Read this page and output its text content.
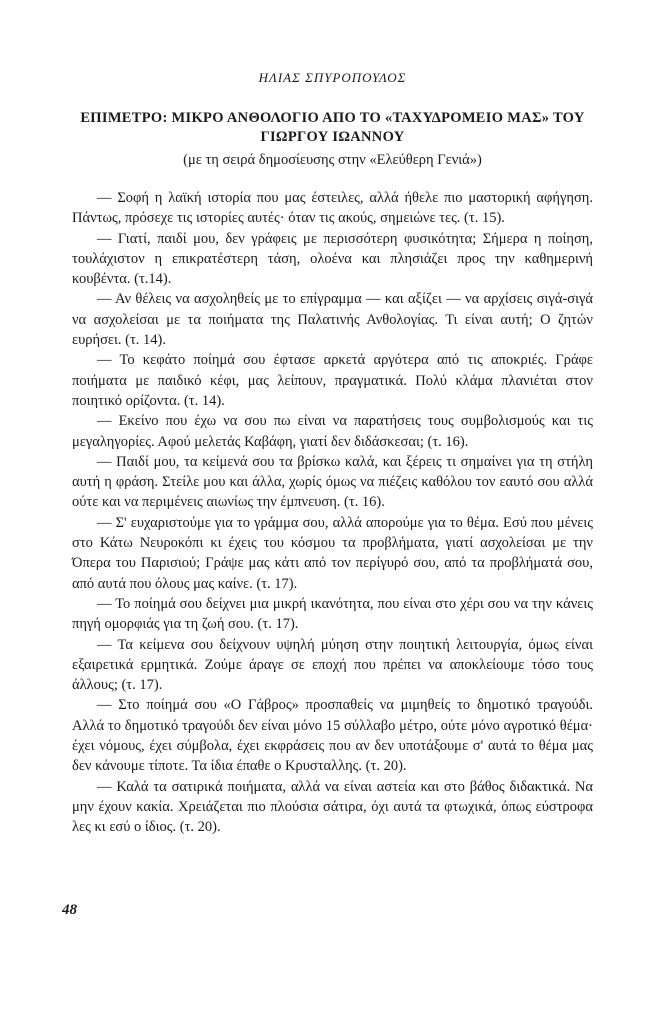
ΗΛΙΑΣ ΣΠΥΡΟΠΟΥΛΟΣ
ΕΠΙΜΕΤΡΟ: ΜΙΚΡΟ ΑΝΘΟΛΟΓΙΟ ΑΠΟ ΤΟ «ΤΑΧΥΔΡΟΜΕΙΟ ΜΑΣ» ΤΟΥ ΓΙΩΡΓΟΥ ΙΩΑΝΝΟΥ
(με τη σειρά δημοσίευσης στην «Ελεύθερη Γενιά»)

— Σοφή η λαϊκή ιστορία που μας έστειλες, αλλά ήθελε πιο μαστορική αφήγηση. Πάντως, πρόσεχε τις ιστορίες αυτές· όταν τις ακούς, σημειώνε τες. (τ. 15).

— Γιατί, παιδί μου, δεν γράφεις με περισσότερη φυσικότητα; Σήμερα η ποίηση, τουλάχιστον η επικρατέστερη τάση, ολοένα και πλησιάζει προς την καθημερινή κουβέντα. (τ.14).

— Αν θέλεις να ασχοληθείς με το επίγραμμα — και αξίζει — να αρχίσεις σιγά-σιγά να ασχολείσαι με τα ποιήματα της Παλατινής Ανθολογίας. Τι είναι αυτή; Ο ζητών ευρήσει. (τ. 14).

— Το κεφάτο ποίημά σου έφτασε αρκετά αργότερα από τις αποκριές. Γράφε ποιήματα με παιδικό κέφι, μας λείπουν, πραγματικά. Πολύ κλάμα πλανιέται στον ποιητικό ορίζοντα. (τ. 14).

— Εκείνο που έχω να σου πω είναι να παρατήσεις τους συμβολισμούς και τις μεγαληγορίες. Αφού μελετάς Καβάφη, γιατί δεν διδάσκεσαι; (τ. 16).

— Παιδί μου, τα κείμενά σου τα βρίσκω καλά, και ξέρεις τι σημαίνει για τη στήλη αυτή η φράση. Στείλε μου και άλλα, χωρίς όμως να πιέζεις καθόλου τον εαυτό σου αλλά ούτε και να περιμένεις αιωνίως την έμπνευση. (τ. 16).

— Σ' ευχαριστούμε για το γράμμα σου, αλλά απορούμε για το θέμα. Εσύ που μένεις στο Κάτω Νευροκόπι κι έχεις του κόσμου τα προβλήματα, γιατί ασχολείσαι με την Όπερα του Παρισιού; Γράψε μας κάτι από τον περίγυρό σου, από τα προβλήματά σου, από αυτά που όλους μας καίνε. (τ. 17).

— Το ποίημά σου δείχνει μια μικρή ικανότητα, που είναι στο χέρι σου να την κάνεις πηγή ομορφιάς για τη ζωή σου. (τ. 17).

— Τα κείμενα σου δείχνουν υψηλή μύηση στην ποιητική λειτουργία, όμως είναι εξαιρετικά ερμητικά. Ζούμε άραγε σε εποχή που πρέπει να αποκλείουμε τόσο τους άλλους; (τ. 17).

— Στο ποίημά σου «Ο Γάβρος» προσπαθείς να μιμηθείς το δημοτικό τραγούδι. Αλλά το δημοτικό τραγούδι δεν είναι μόνο 15 σύλλαβο μέτρο, ούτε μόνο αγροτικό θέμα· έχει νόμους, έχει σύμβολα, έχει εκφράσεις που αν δεν υποτάξουμε σ' αυτά το θέμα μας δεν κάνουμε τίποτε. Τα ίδια έπαθε ο Κρυσταλλης. (τ. 20).

— Καλά τα σατιρικά ποιήματα, αλλά να είναι αστεία και στο βάθος διδακτικά. Να μην έχουν κακία. Χρειάζεται πιο πλούσια σάτιρα, όχι αυτά τα φτωχικά, όπως εύστροφα λες κι εσύ ο ίδιος. (τ. 20).

48
